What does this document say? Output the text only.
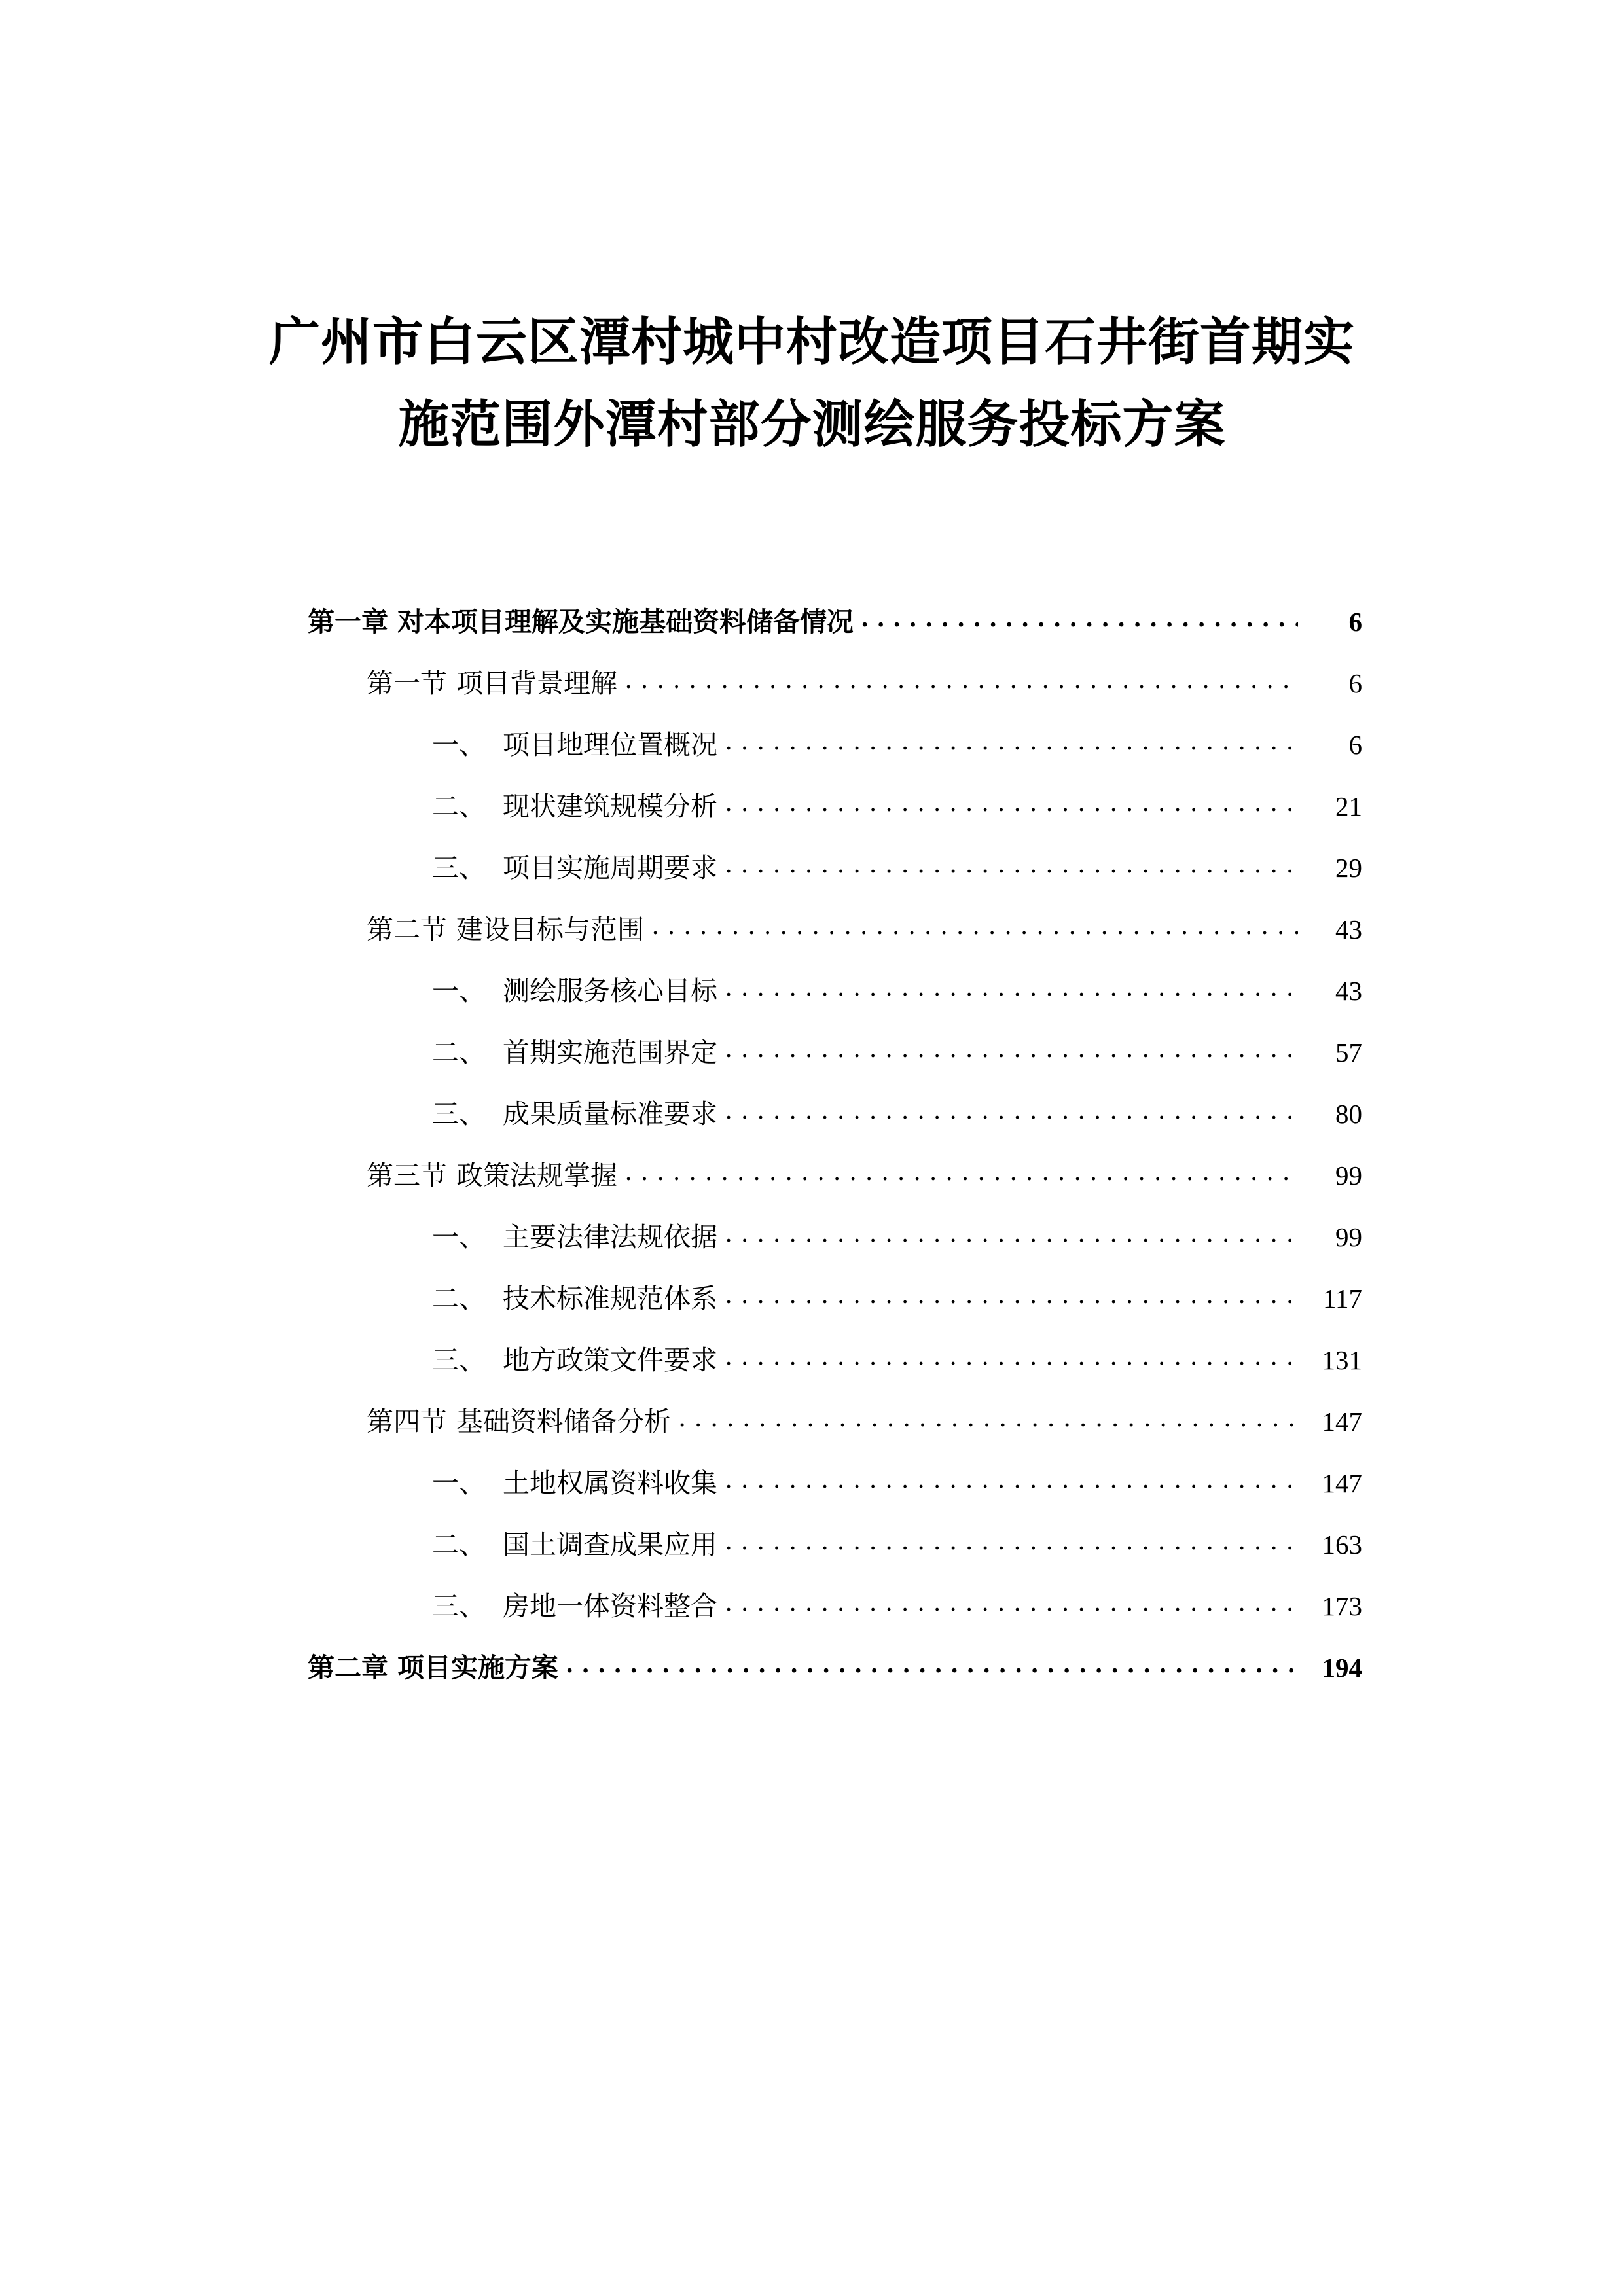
广州市白云区潭村城中村改造项目石井街首期实施范围外潭村部分测绘服务投标方案
第一章 对本项目理解及实施基础资料储备情况 . . .	6
第一节 项目背景理解 . . .	6
一、 项目地理位置概况 . . .	6
二、 现状建筑规模分析 . . .	21
三、 项目实施周期要求 . . .	29
第二节 建设目标与范围 . . .	43
一、 测绘服务核心目标 . . .	43
二、 首期实施范围界定 . . .	57
三、 成果质量标准要求 . . .	80
第三节 政策法规掌握 . . .	99
一、 主要法律法规依据 . . .	99
二、 技术标准规范体系 . . .	117
三、 地方政策文件要求 . . .	131
第四节 基础资料储备分析 . . .	147
一、 土地权属资料收集 . . .	147
二、 国土调查成果应用 . . .	163
三、 房地一体资料整合 . . .	173
第二章 项目实施方案 . . .	194
